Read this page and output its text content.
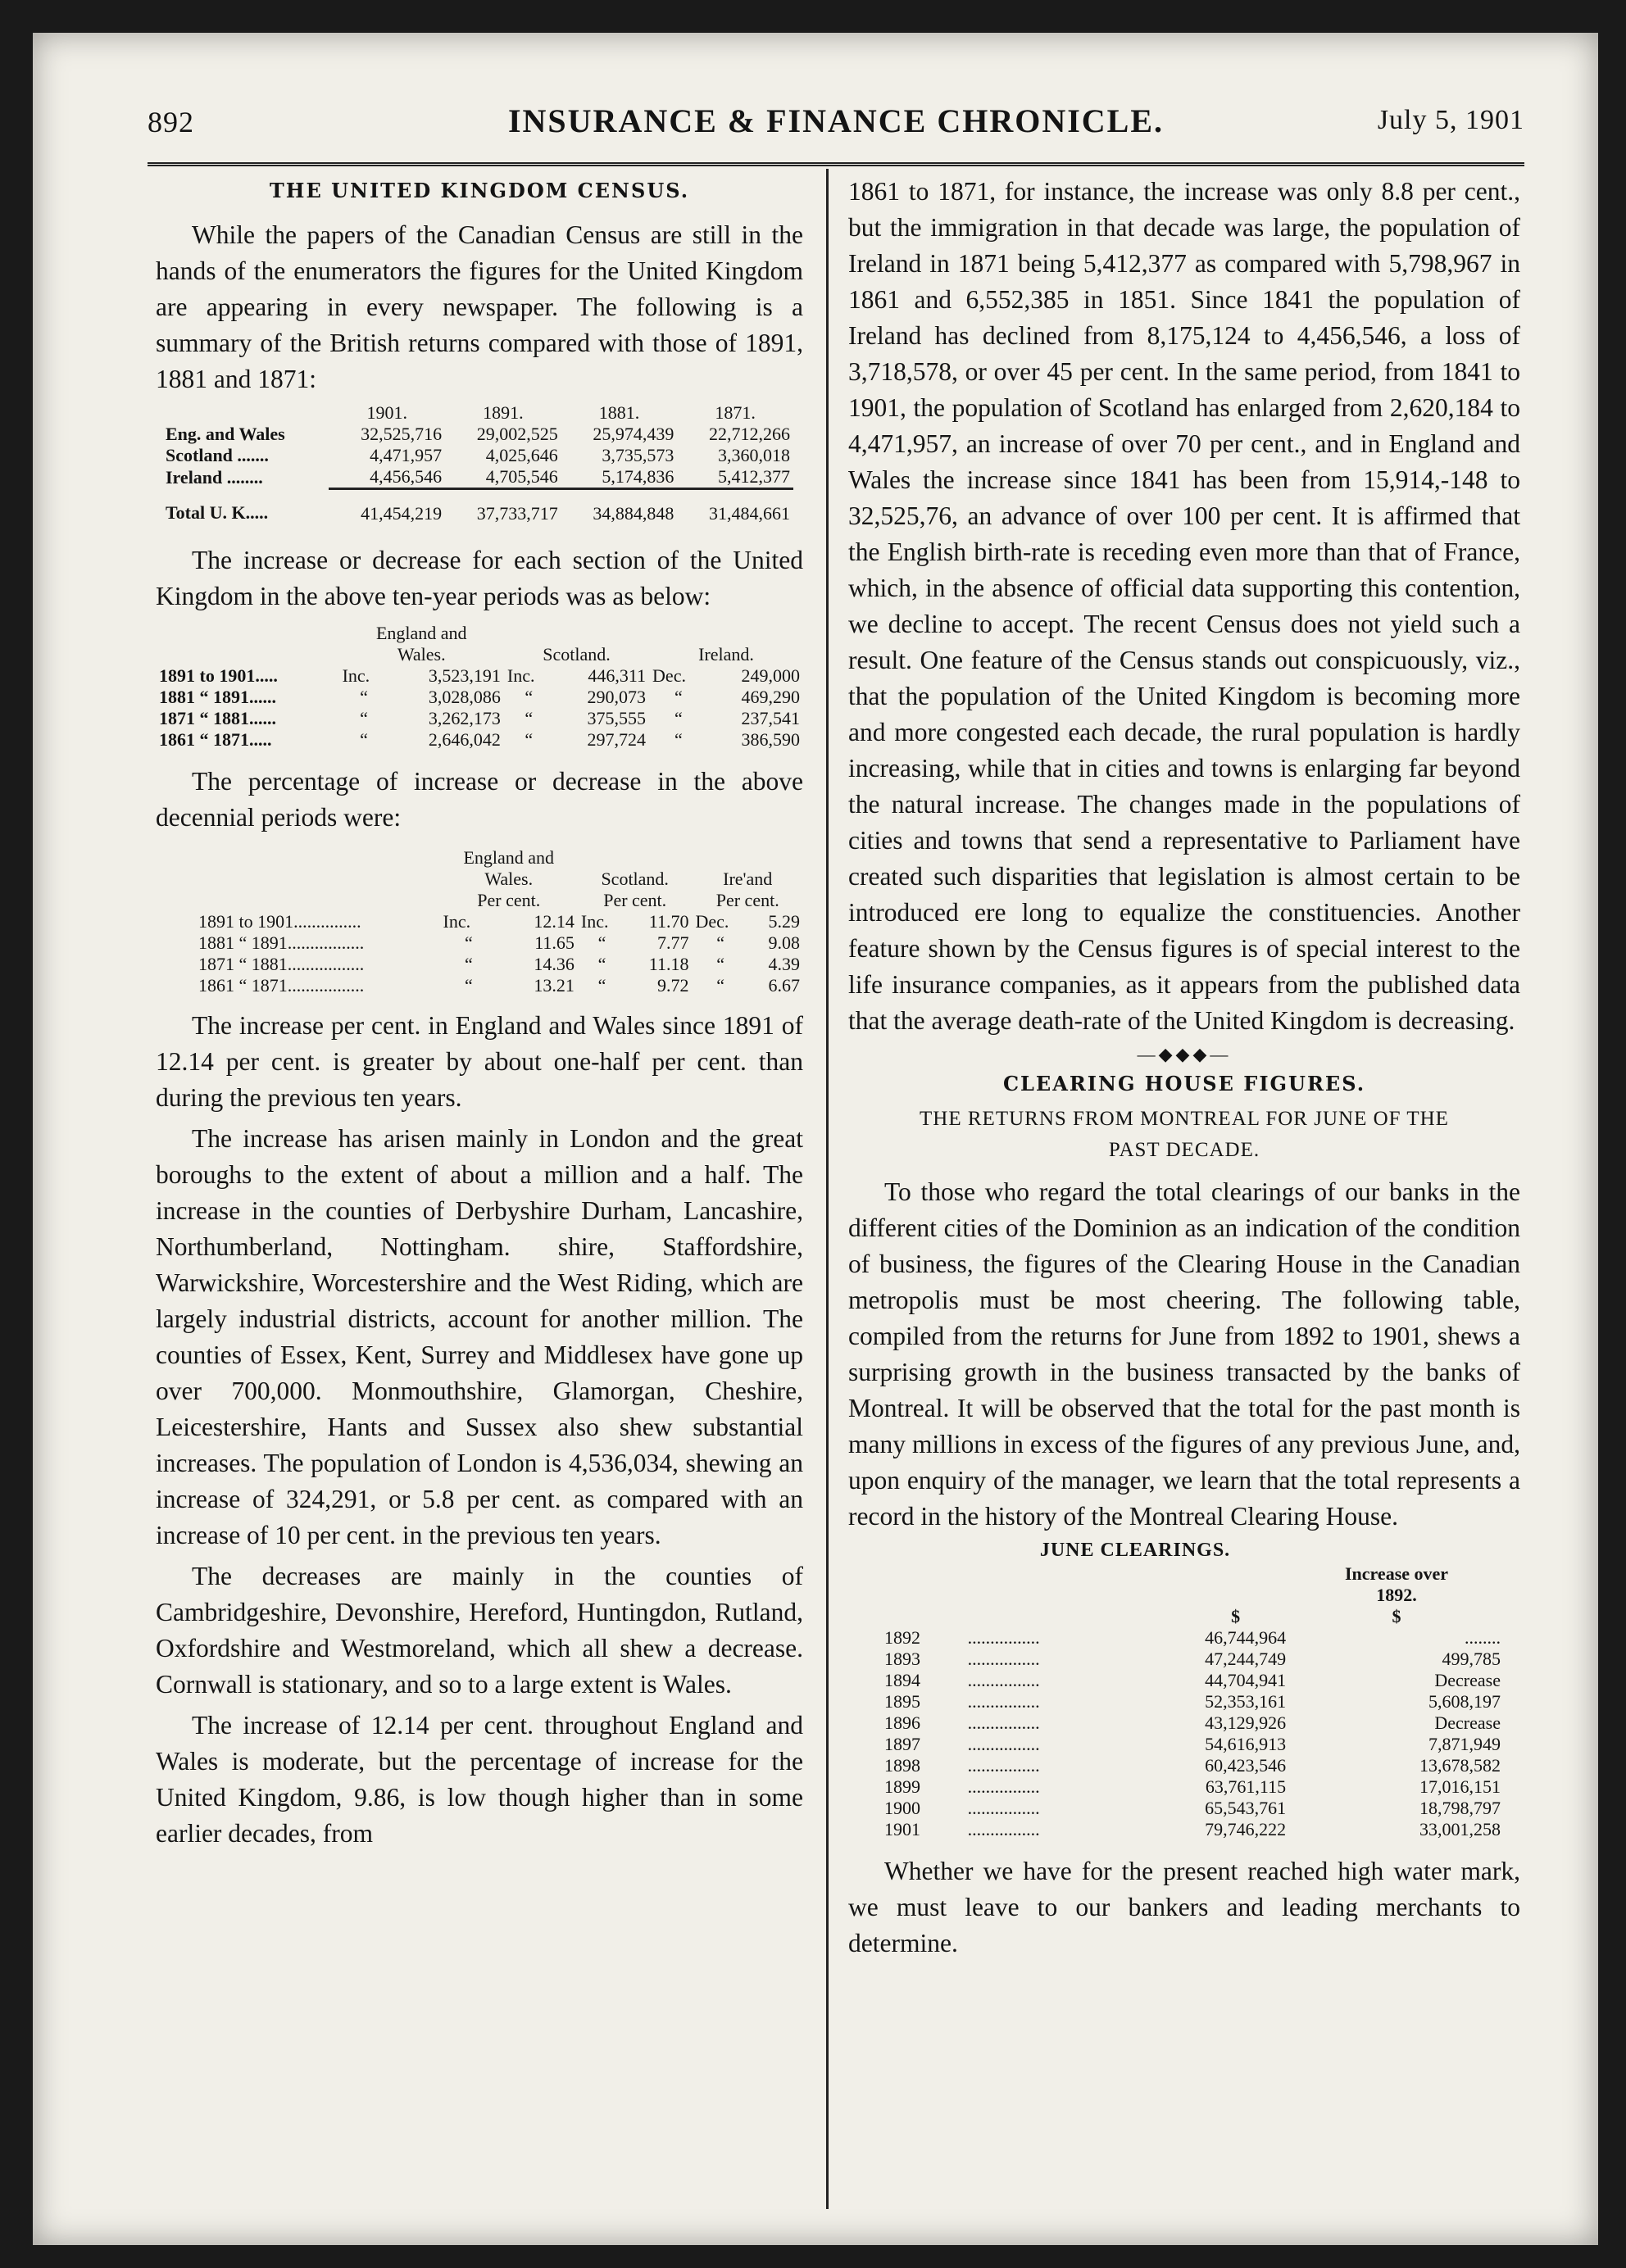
892	INSURANCE & FINANCE CHRONICLE.	July 5, 1901
THE UNITED KINGDOM CENSUS.

While the papers of the Canadian Census are still in the hands of the enumerators the figures for the United Kingdom are appearing in every newspaper. The following is a summary of the British returns compared with those of 1891, 1881 and 1871:

	1901.	1891.	1881.	1871.
Eng. and Wales	32,525,716	29,002,525	25,974,439	22,712,266
Scotland .......	4,471,957	4,025,646	3,735,573	3,360,018
Ireland ........	4,456,546	4,705,546	5,174,836	5,412,377
Total U. K.....	41,454,219	37,733,717	34,884,848	31,484,661

The increase or decrease for each section of the United Kingdom in the above ten-year periods was as below:

	England and
Wales.		Scotland.		Ireland.	
1891 to 1901.....	Inc.	3,523,191	Inc.	446,311	Dec.	249,000
1881 “ 1891......	“	3,028,086	“	290,073	“	469,290
1871 “ 1881......	“	3,262,173	“	375,555	“	237,541
1861 “ 1871.....	“	2,646,042	“	297,724	“	386,590

The percentage of increase or decrease in the above decennial periods were:

	England and
Wales.
Per cent.		Scotland.
Per cent.		Ire'and
Per cent.	
1891 to 1901...............	Inc.	12.14	Inc.	11.70	Dec.	5.29
1881 “ 1891.................	“	11.65	“	7.77	“	9.08
1871 “ 1881.................	“	14.36	“	11.18	“	4.39
1861 “ 1871.................	“	13.21	“	9.72	“	6.67

The increase per cent. in England and Wales since 1891 of 12.14 per cent. is greater by about one-half per cent. than during the previous ten years.

The increase has arisen mainly in London and the great boroughs to the extent of about a million and a half. The increase in the counties of Derbyshire Durham, Lancashire, Northumberland, Nottingham. shire, Staffordshire, Warwickshire, Worcestershire and the West Riding, which are largely industrial districts, account for another million. The counties of Essex, Kent, Surrey and Middlesex have gone up over 700,000. Monmouthshire, Glamorgan, Cheshire, Leicestershire, Hants and Sussex also shew substantial increases. The population of London is 4,536,034, shewing an increase of 324,291, or 5.8 per cent. as compared with an increase of 10 per cent. in the previous ten years.

The decreases are mainly in the counties of Cambridgeshire, Devonshire, Hereford, Huntingdon, Rutland, Oxfordshire and Westmoreland, which all shew a decrease. Cornwall is stationary, and so to a large extent is Wales.

The increase of 12.14 per cent. throughout England and Wales is moderate, but the percentage of increase for the United Kingdom, 9.86, is low though higher than in some earlier decades, from

1861 to 1871, for instance, the increase was only 8.8 per cent., but the immigration in that decade was large, the population of Ireland in 1871 being 5,412,377 as compared with 5,798,967 in 1861 and 6,552,385 in 1851. Since 1841 the population of Ireland has declined from 8,175,124 to 4,456,546, a loss of 3,718,578, or over 45 per cent. In the same period, from 1841 to 1901, the population of Scotland has enlarged from 2,620,184 to 4,471,957, an increase of over 70 per cent., and in England and Wales the increase since 1841 has been from 15,914,-148 to 32,525,76, an advance of over 100 per cent. It is affirmed that the English birth-rate is receding even more than that of France, which, in the absence of official data supporting this contention, we decline to accept. The recent Census does not yield such a result. One feature of the Census stands out conspicuously, viz., that the population of the United Kingdom is becoming more and more congested each decade, the rural population is hardly increasing, while that in cities and towns is enlarging far beyond the natural increase. The changes made in the populations of cities and towns that send a representative to Parliament have created such disparities that legislation is almost certain to be introduced ere long to equalize the constituencies. Another feature shown by the Census figures is of special interest to the life insurance companies, as it appears from the published data that the average death-rate of the United Kingdom is decreasing.

—◆◆◆—
CLEARING HOUSE FIGURES.

THE RETURNS FROM MONTREAL FOR JUNE OF THE

PAST DECADE.

To those who regard the total clearings of our banks in the different cities of the Dominion as an indication of the condition of business, the figures of the Clearing House in the Canadian metropolis must be most cheering. The following table, compiled from the returns for June from 1892 to 1901, shews a surprising growth in the business transacted by the banks of Montreal. It will be observed that the total for the past month is many millions in excess of the figures of any previous June, and, upon enquiry of the manager, we learn that the total represents a record in the history of the Montreal Clearing House.

JUNE CLEARINGS.
		$	Increase over
1892.
$
1892	................	46,744,964	........
1893	................	47,244,749	499,785
1894	................	44,704,941	Decrease
1895	................	52,353,161	5,608,197
1896	................	43,129,926	Decrease
1897	................	54,616,913	7,871,949
1898	................	60,423,546	13,678,582
1899	................	63,761,115	17,016,151
1900	................	65,543,761	18,798,797
1901	................	79,746,222	33,001,258

Whether we have for the present reached high water mark, we must leave to our bankers and leading merchants to determine.
